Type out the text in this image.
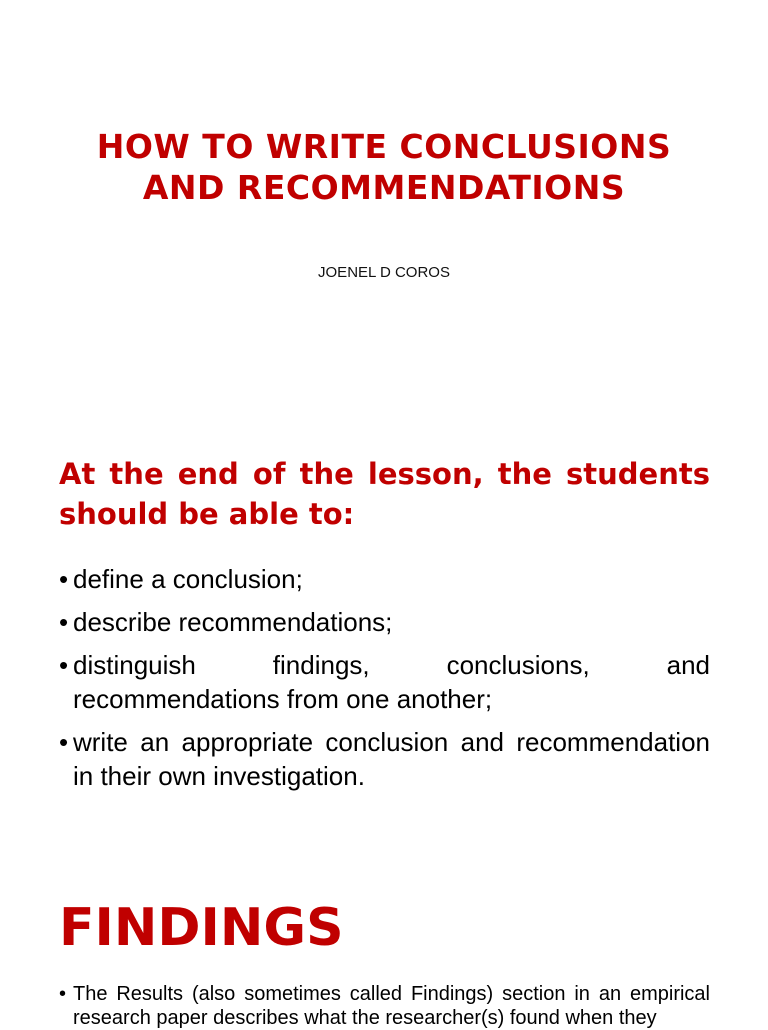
HOW TO WRITE CONCLUSIONS
AND RECOMMENDATIONS
JOENEL D COROS
At the end of the lesson, the students should be able to:
• define a conclusion;
• describe recommendations;
• distinguish findings, conclusions, and recommendations from one another;
• write an appropriate conclusion and recommendation in their own investigation.
FINDINGS

• The Results (also sometimes called Findings) section in an empirical research paper describes what the researcher(s) found when they
